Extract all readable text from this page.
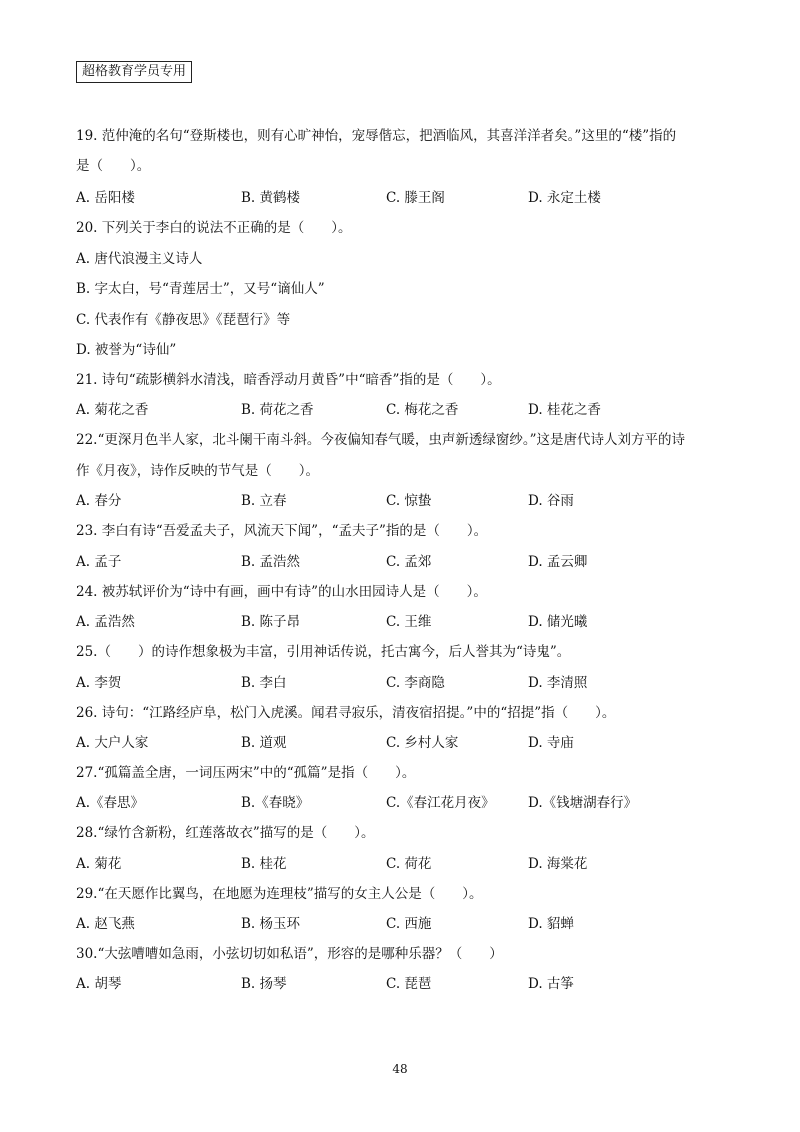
超格教育学员专用
19. 范仲淹的名句“登斯楼也，则有心旷神怡，宠辱偕忘，把酒临风，其喜洋洋者矣。”这里的“楼”指的
是（　　）。
A. 岳阳楼	B. 黄鹤楼	C. 滕王阁	D. 永定土楼
20. 下列关于李白的说法不正确的是（　　）。
A. 唐代浪漫主义诗人
B. 字太白，号“青莲居士”，又号“谪仙人”
C. 代表作有《静夜思》《琵琶行》等
D. 被誉为“诗仙”
21. 诗句“疏影横斜水清浅，暗香浮动月黄昏”中“暗香”指的是（　　）。
A. 菊花之香	B. 荷花之香	C. 梅花之香	D. 桂花之香
22.“更深月色半人家，北斗阑干南斗斜。今夜偏知春气暖，虫声新透绿窗纱。”这是唐代诗人刘方平的诗
作《月夜》，诗作反映的节气是（　　）。
A. 春分	B. 立春	C. 惊蛰	D. 谷雨
23. 李白有诗“吾爱孟夫子，风流天下闻”，“孟夫子”指的是（　　）。
A. 孟子	B. 孟浩然	C. 孟郊	D. 孟云卿
24. 被苏轼评价为“诗中有画，画中有诗”的山水田园诗人是（　　）。
A. 孟浩然	B. 陈子昂	C. 王维	D. 储光曦
25.（　　）的诗作想象极为丰富，引用神话传说，托古寓今，后人誉其为“诗鬼”。
A. 李贺	B. 李白	C. 李商隐	D. 李清照
26. 诗句：“江路经庐阜，松门入虎溪。闻君寻寂乐，清夜宿招提。”中的“招提”指（　　）。
A. 大户人家	B. 道观	C. 乡村人家	D. 寺庙
27.“孤篇盖全唐，一词压两宋”中的“孤篇”是指（　　）。
A.《春思》	B.《春晓》	C.《春江花月夜》 D.《钱塘湖春行》
28.“绿竹含新粉，红莲落故衣”描写的是（　　）。
A. 菊花	B. 桂花	C. 荷花	D. 海棠花
29.“在天愿作比翼鸟，在地愿为连理枝”描写的女主人公是（　　）。
A. 赵飞燕	B. 杨玉环	C. 西施	D. 貂蝉
30.“大弦嘈嘈如急雨，小弦切切如私语”，形容的是哪种乐器？（　　）
A. 胡琴	B. 扬琴	C. 琵琶	D. 古筝
48
